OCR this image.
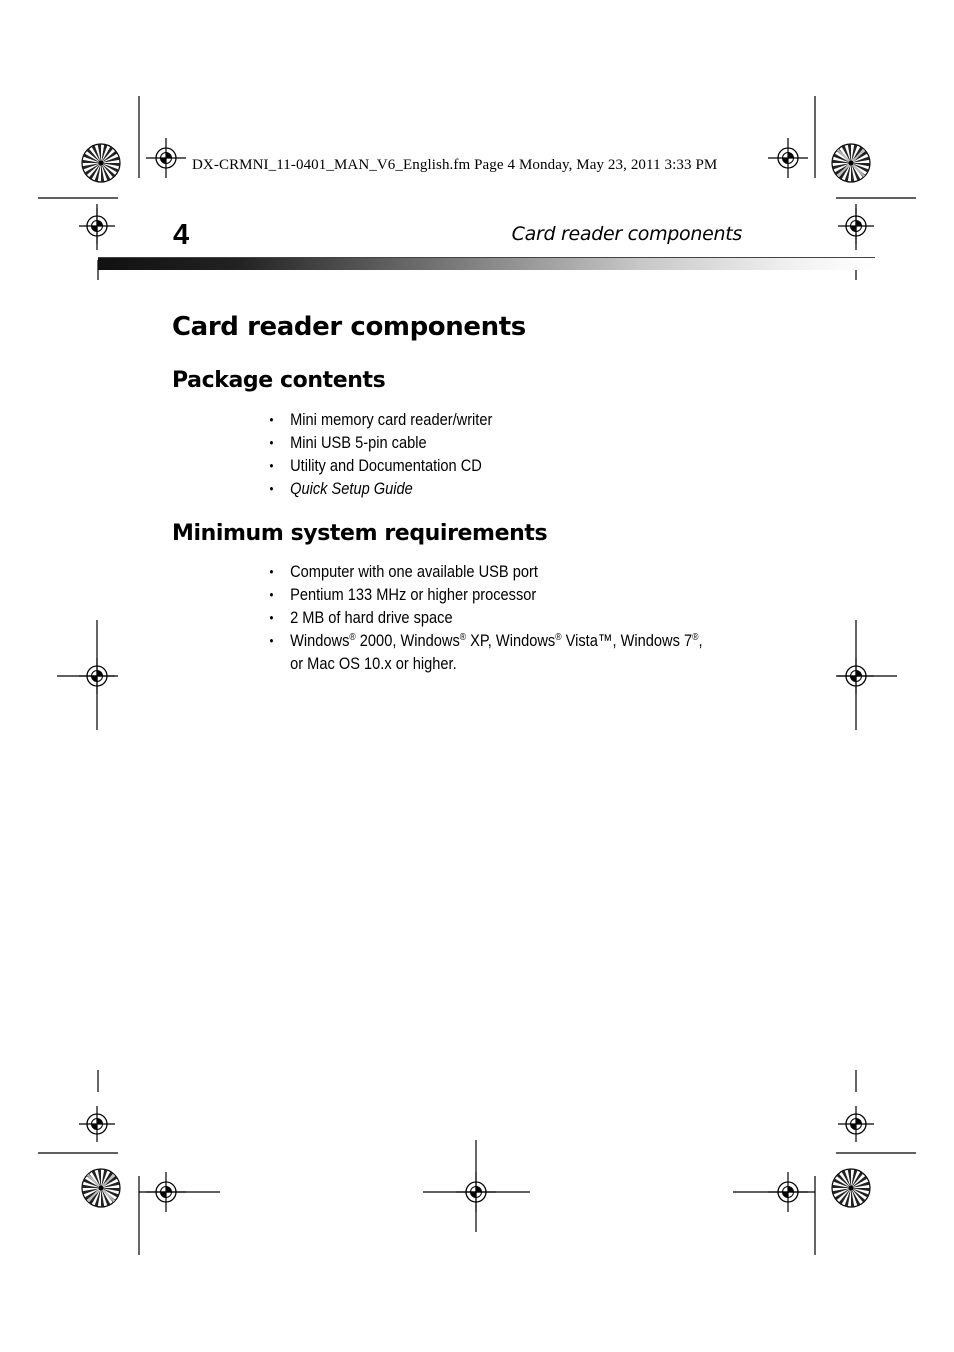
DX-CRMNI_11-0401_MAN_V6_English.fm Page 4 Monday, May 23, 2011 3:33 PM
4	Card reader components
Card reader components
Package contents
• Mini memory card reader/writer
• Mini USB 5-pin cable
• Utility and Documentation CD
• Quick Setup Guide
Minimum system requirements
• Computer with one available USB port
• Pentium 133 MHz or higher processor
• 2 MB of hard drive space
• Windows® 2000, Windows® XP, Windows® Vista™, Windows 7®,
or Mac OS 10.x or higher.
